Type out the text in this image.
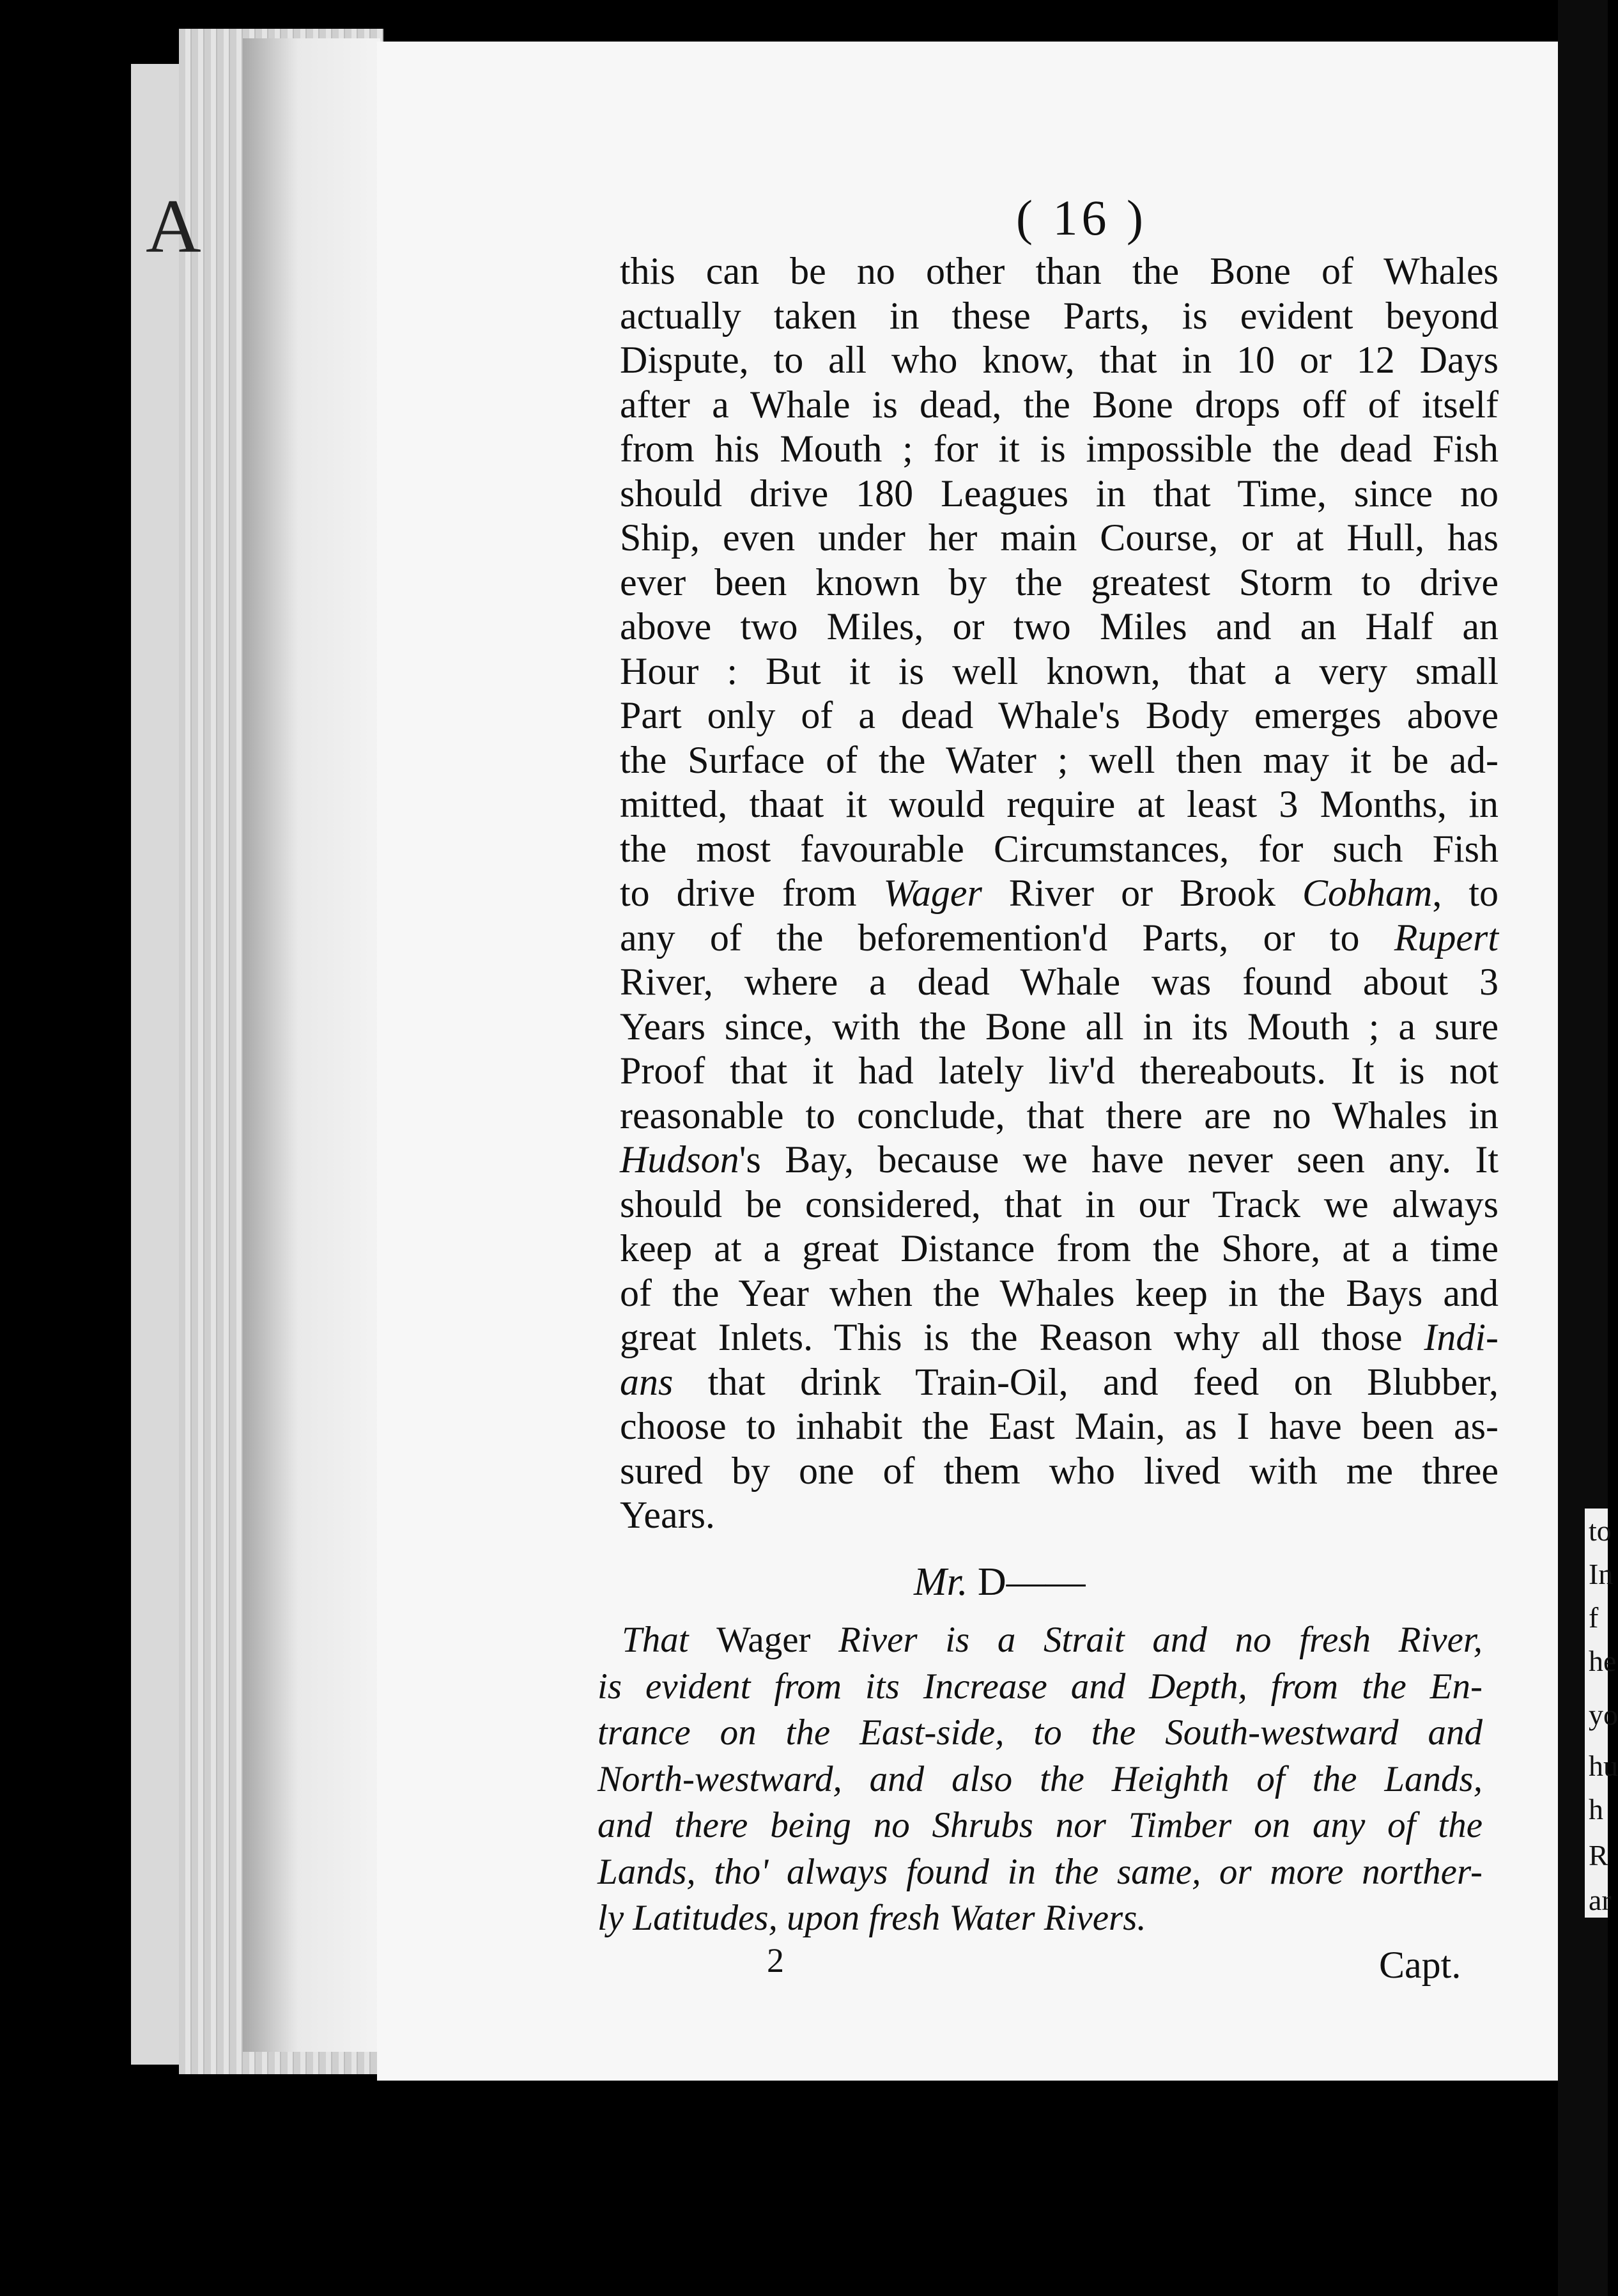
A
to
In
f
he
yo
hu
h
R
ar
( 16 )
this can be no other than the Bone of Whales
actually taken in these Parts, is evident beyond
Dispute, to all who know, that in 10 or 12 Days
after a Whale is dead, the Bone drops off of itself
from his Mouth ; for it is impossible the dead Fish
should drive 180 Leagues in that Time, since no
Ship, even under her main Course, or at Hull, has
ever been known by the greatest Storm to drive
above two Miles, or two Miles and an Half an
Hour : But it is well known, that a very small
Part only of a dead Whale's Body emerges above
the Surface of the Water ; well then may it be ad-
mitted, thaat it would require at least 3 Months, in
the most favourable Circumstances, for such Fish
to drive from Wager River or Brook Cobham, to
any of the beforemention'd Parts, or to Rupert
River, where a dead Whale was found about 3
Years since, with the Bone all in its Mouth ; a sure
Proof that it had lately liv'd thereabouts. It is not
reasonable to conclude, that there are no Whales in
Hudson's Bay, because we have never seen any. It
should be considered, that in our Track we always
keep at a great Distance from the Shore, at a time
of the Year when the Whales keep in the Bays and
great Inlets. This is the Reason why all those Indi-
ans that drink Train-Oil, and feed on Blubber,
choose to inhabit the East Main, as I have been as-
sured by one of them who lived with me three
Years.
Mr. D——
That Wager River is a Strait and no fresh River,
is evident from its Increase and Depth, from the En-
trance on the East-side, to the South-westward and
North-westward, and also the Heighth of the Lands,
and there being no Shrubs nor Timber on any of the
Lands, tho' always found in the same, or more norther-
ly Latitudes, upon fresh Water Rivers.
2	Capt.
